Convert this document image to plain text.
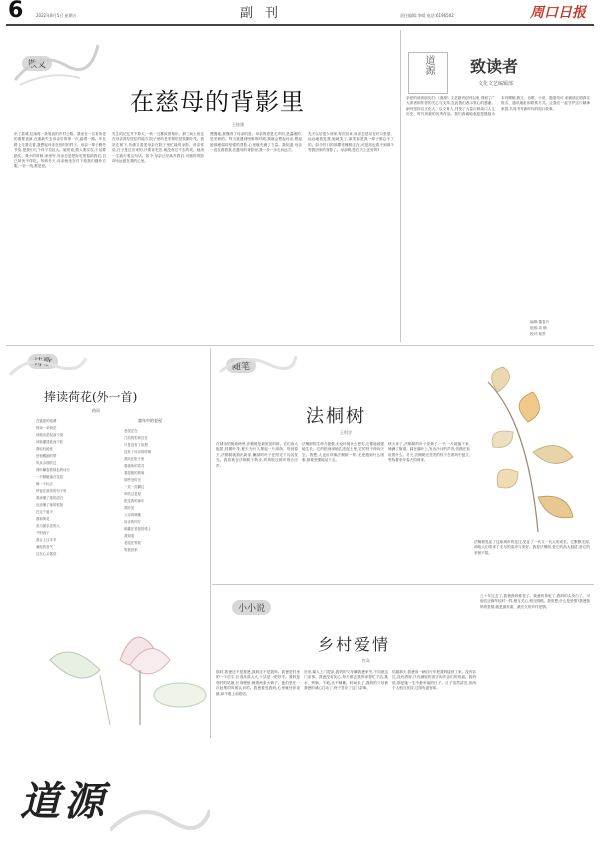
6	2022年8月5日 星期五	副刊	责任编辑:李晴 电话:6196502	周口日报
散文
在慈母的背影里
王桂建
出了县城,往南再一条笔直的乡村公路。我坐在一名有所见的重要表演,在重新失去母亲后的第一次,踏着一路。车在路上走着走着,我想起母亲在世时的样子。母亲一辈子勤劳节俭,把我们几个孩子拉扯大。她常说,做人要实在,干活要踏实。我小的时候,家里穷,母亲总是把好吃的留给我们,自己却舍不得吃。每到冬天,母亲就坐在灯下给我们缝补衣服,一针一线,都是爱。
先生的记忆并不算大,一转一互都似曾相识。那三间土房还在母亲曾经居住的地方,院子里的老枣树依旧枝繁叶茂。我站在树下,仿佛又看见母亲在院子里忙碌的身影。母亲常说,日子是过出来的,只要肯吃苦,就没有过不去的坎。她用一生践行着这句话。如今,母亲已经离开我们,可她的背影却永远留在我的心里。
慢慢地,我懂得了母亲的爱。母亲的爱是无声的,是温暖的,是坚韧的。每当我遇到困难的时候,我就会想起母亲,想起她那瘦弱却坚强的背影,心里就充满了力量。我知道,母亲一直在看着我,在慈母的背影里,我一步一步走向远方。
先天以后很少回家,每次回来,母亲总是站在村口张望。远远地看见我,她就笑了,那笑容是我一辈子都忘不了的。如今村口的那棵老槐树还在,可是再也看不到那个等我回家的身影了。母亲啊,您在天上还好吗?
道源 致读者
文化文艺编辑部
亲爱的读者朋友们:《道源》文艺副刊创刊以来,得到了广大读者和作者的关心与支持,在此我们表示衷心的感谢。副刊坚持以文化人、以文育人,刊发了大量反映周口人文历史、时代风貌的优秀作品。我们真诚地欢迎您继续为本刊赐稿,散文、诗歌、小说、随笔均可,来稿请注明真实姓名、通讯地址和联系方式。让我们一起守护这片精神家园,共同书写新时代的周口故事。
编辑:董春升
组版:周 楠
校对:杨景
诗歌
捧读荷花(外一首)
路雨
在盛夏的池塘
捧读一朵荷花
读她出淤泥而不染
读她濯清涟而不妖
我轻轻地读
怕惊醒她的梦
风从水面吹过
荷叶翻卷着绿色的诗行
一只蜻蜓落在花蕊
像一个标点
停留在最美的句子里
我读懂了她的清白
也读懂了她的孤独
在这个夏天
我和荷花
成为最亲近的人
夕阳西下
我合上这本书
满池的香气
还在心头萦绕
童年中的老屋
老屋还在
门前的枣树还在
只是没有了炊烟
没有了母亲的呼唤
我站在院子里
看墙角的青苔
看屋檐的燕巢
那些旧时光
一页一页翻过
风吹过老屋
吹过我的童年
我听见
父亲的咳嗽
母亲的叮咛
都藏在老屋的梁上
我知道
老屋在等我
等我回家
随笔
法桐树
王科学
在城市的街道两旁,法桐树是最常见的树。它们高大挺拔,枝繁叶茂,夏天为行人撑起一片绿荫。每到春天,法桐树就抽出新芽,嫩绿的叶子在阳光下闪闪发光。我喜欢在法桐树下散步,听风吹过树叶的沙沙声。
法桐树的生命力极强,无论环境多么恶劣,它都能顽强地生长。它的根深深地扎进泥土里,它的枝干伸向天空。我想,人也应该像法桐树一样,无论遇到什么困难,都要坚强地活下去。
秋天来了,法桐树的叶子变黄了,一片一片地落下来,铺满了街道。踩在落叶上,发出沙沙的声音,仿佛在诉说着什么。冬天,法桐树光秃秃的枝干在寒风中挺立,等待着来年春天的到来。
法桐树见证了这座城市的变迁,见证了一代又一代人的成长。它默默无闻,却给人们带来了无尽的清凉与美好。我爱法桐树,爱它的高大挺拔,爱它的坚韧不拔。
小小说
乡村爱情
红岛
那时,我爸还不是我爸,我妈还不是我妈。我爸是村里的一个后生,长得高高大大,干活是一把好手。我妈是邻村的姑娘,长得俊俏,梳着两条大辫子。他们是在一次赶集的时候认识的。我爸看见我妈,心里就怦怦直跳,却不敢上前搭话。
后来,媒人上门提亲,我妈的父母嫌我爸家穷,不同意这门亲事。我爸没有灰心,每天都去我妈家帮忙干活,挑水、劈柴、下地,从不喊累。时间长了,我妈的父母被我爸的诚心打动了,终于答应了这门亲事。
结婚那天,我爸用一辆自行车把我妈接回了家。没有彩礼,没有酒席,只有满屋的喜字和乡亲们的祝福。我妈说,那是她一生中最幸福的日子。日子虽然清苦,但两个人相互扶持,过得有滋有味。
几十年过去了,我爸我妈都老了。我爸的背驼了,我妈的头发白了。可他们还像年轻时一样,相互关心,相互照顾。我常想,什么是爱情?我爸我妈的爱情,就是最朴素、最长久的乡村爱情。
道源
